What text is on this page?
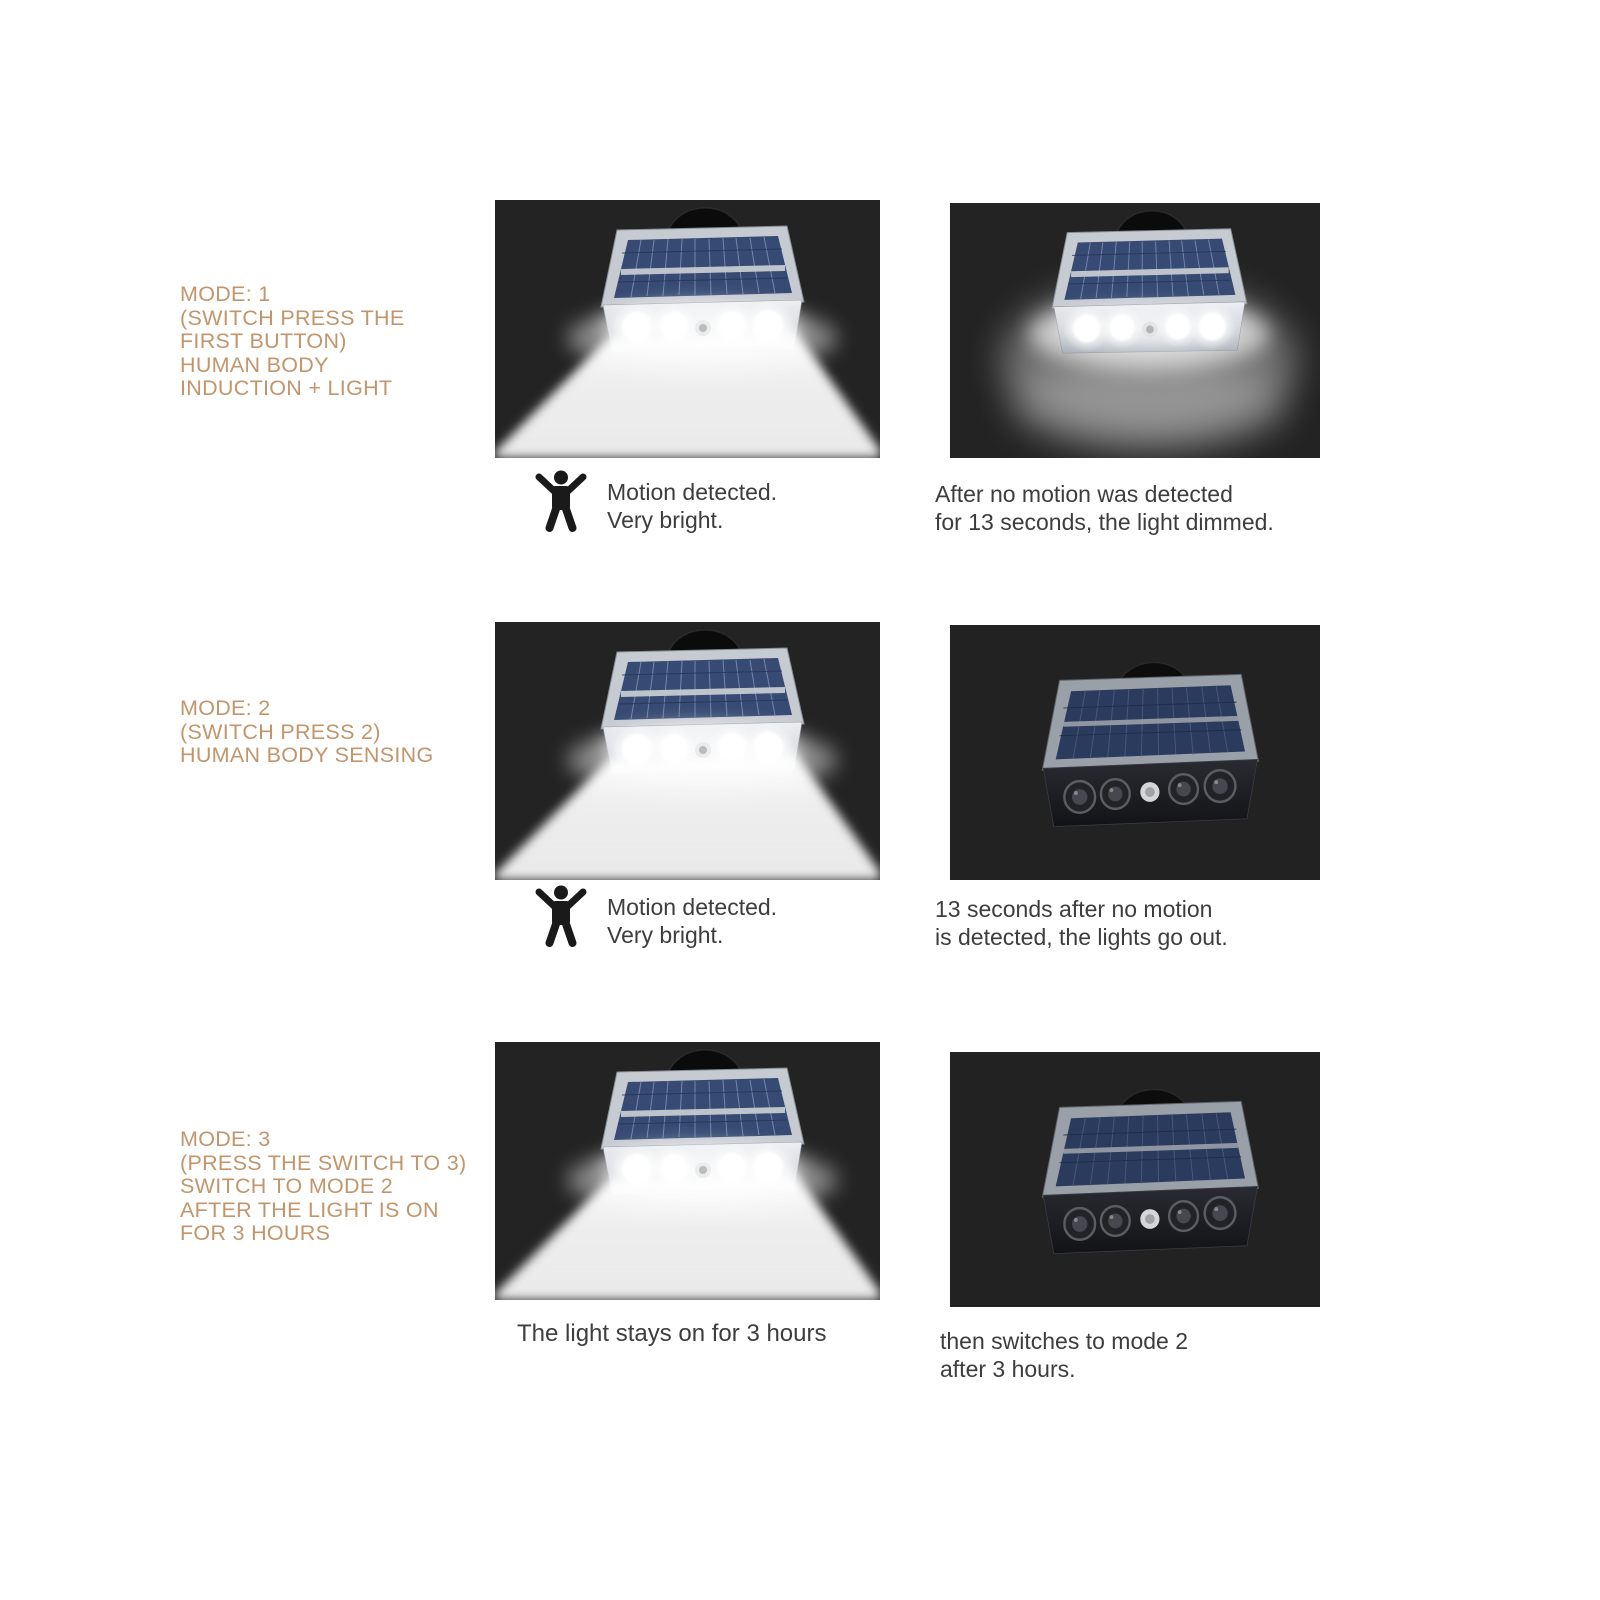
MODE: 1
(SWITCH PRESS THE
FIRST BUTTON)
HUMAN BODY
INDUCTION + LIGHT
Motion detected.
Very bright.
After no motion was detected
for 13 seconds, the light dimmed.
MODE: 2
(SWITCH PRESS 2)
HUMAN BODY SENSING
Motion detected.
Very bright.
13 seconds after no motion
is detected, the lights go out.
MODE: 3
(PRESS THE SWITCH TO 3)
SWITCH TO MODE 2
AFTER THE LIGHT IS ON
FOR 3 HOURS
The light stays on for 3 hours	then switches to mode 2
after 3 hours.
